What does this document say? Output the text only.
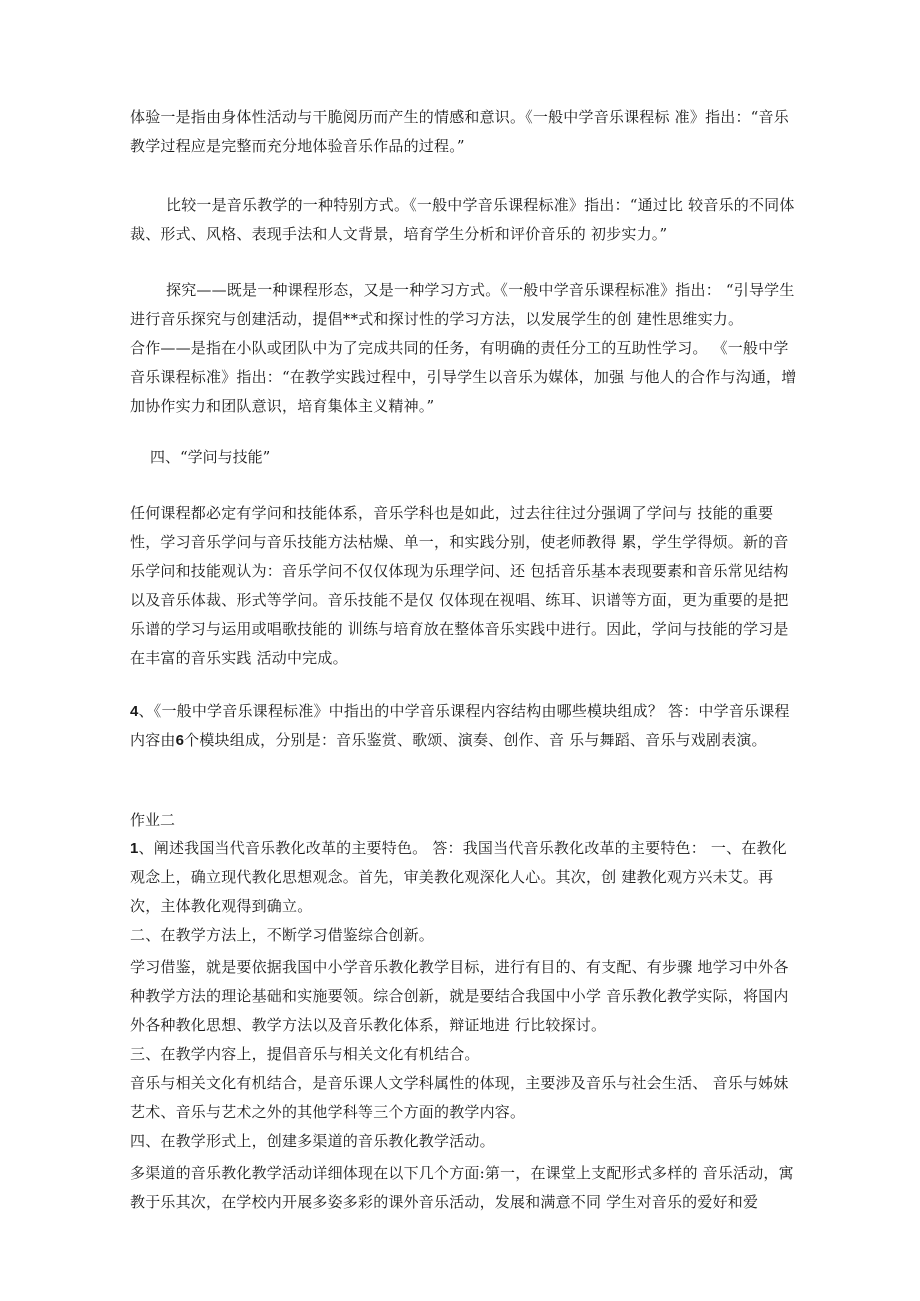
体验一是指由身体性活动与干脆阅历而产生的情感和意识。《一般中学音乐课程标 准》指出：“音乐教学过程应是完整而充分地体验音乐作品的过程。”

比较一是音乐教学的一种特别方式。《一般中学音乐课程标准》指出：“通过比 较音乐的不同体裁、形式、风格、表现手法和人文背景，培育学生分析和评价音乐的 初步实力。”

探究——既是一种课程形态，又是一种学习方式。《一般中学音乐课程标准》指出： “引导学生进行音乐探究与创建活动，提倡**式和探讨性的学习方法，以发展学生的创 建性思维实力。

合作——是指在小队或团队中为了完成共同的任务，有明确的责任分工的互助性学习。 《一般中学音乐课程标准》指出：“在教学实践过程中，引导学生以音乐为媒体，加强 与他人的合作与沟通，增加协作实力和团队意识，培育集体主义精神。”

四、“学问与技能”

任何课程都必定有学问和技能体系，音乐学科也是如此，过去往往过分强调了学问与 技能的重要性，学习音乐学问与音乐技能方法枯燥、单一，和实践分别，使老师教得 累，学生学得烦。新的音乐学问和技能观认为：音乐学问不仅仅体现为乐理学问、还 包括音乐基本表现要素和音乐常见结构以及音乐体裁、形式等学问。音乐技能不是仅 仅体现在视唱、练耳、识谱等方面，更为重要的是把乐谱的学习与运用或唱歌技能的 训练与培育放在整体音乐实践中进行。因此，学问与技能的学习是在丰富的音乐实践 活动中完成。

4、《一般中学音乐课程标准》中指出的中学音乐课程内容结构由哪些模块组成？ 答：中学音乐课程内容由6个模块组成，分别是：音乐鉴赏、歌颂、演奏、创作、音 乐与舞蹈、音乐与戏剧表演。

作业二

1、阐述我国当代音乐教化改革的主要特色。 答：我国当代音乐教化改革的主要特色： 一、在教化观念上，确立现代教化思想观念。首先，审美教化观深化人心。其次，创 建教化观方兴未艾。再次，主体教化观得到确立。

二、在教学方法上，不断学习借鉴综合创新。

学习借鉴，就是要依据我国中小学音乐教化教学目标，进行有目的、有支配、有步骤 地学习中外各种教学方法的理论基础和实施要领。综合创新，就是要结合我国中小学 音乐教化教学实际，将国内外各种教化思想、教学方法以及音乐教化体系，辩证地进 行比较探讨。

三、在教学内容上，提倡音乐与相关文化有机结合。

音乐与相关文化有机结合，是音乐课人文学科属性的体现，主要涉及音乐与社会生活、 音乐与姊妹艺术、音乐与艺术之外的其他学科等三个方面的教学内容。

四、在教学形式上，创建多渠道的音乐教化教学活动。

多渠道的音乐教化教学活动详细体现在以下几个方面:第一，在课堂上支配形式多样的 音乐活动，寓教于乐其次，在学校内开展多姿多彩的课外音乐活动，发展和满意不同 学生对音乐的爱好和爱
